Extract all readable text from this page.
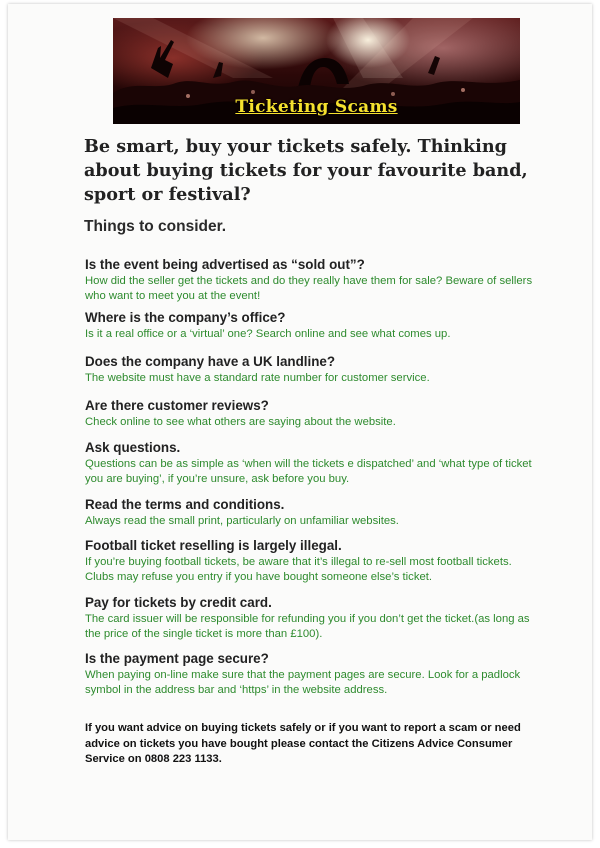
Ticketing Scams
Be smart, buy your tickets safely. Thinking about buying tickets for your favourite band, sport or festival?
Things to consider.
Is the event being advertised as “sold out”?
How did the seller get the tickets and do they really have them for sale? Beware of sellers who want to meet you at the event!
Where is the company’s office?
Is it a real office or a ‘virtual’ one? Search online and see what comes up.
Does the company have a UK landline?
The website must have a standard rate number for customer service.
Are there customer reviews?
Check online to see what others are saying about the website.
Ask questions.
Questions can be as simple as ‘when will the tickets e dispatched’ and ‘what type of ticket you are buying’, if you’re unsure, ask before you buy.
Read the terms and conditions.
Always read the small print, particularly on unfamiliar websites.
Football ticket reselling is largely illegal.
If you’re buying football tickets, be aware that it’s illegal to re-sell most football tickets. Clubs may refuse you entry if you have bought someone else’s ticket.
Pay for tickets by credit card.
The card issuer will be responsible for refunding you if you don’t get the ticket.(as long as the price of the single ticket is more than £100).
Is the payment page secure?
When paying on-line make sure that the payment pages are secure. Look for a padlock symbol in the address bar and ‘https’ in the website address.
If you want advice on buying tickets safely or if you want to report a scam or need advice on tickets you have bought please contact the Citizens Advice Consumer Service on 0808 223 1133.
